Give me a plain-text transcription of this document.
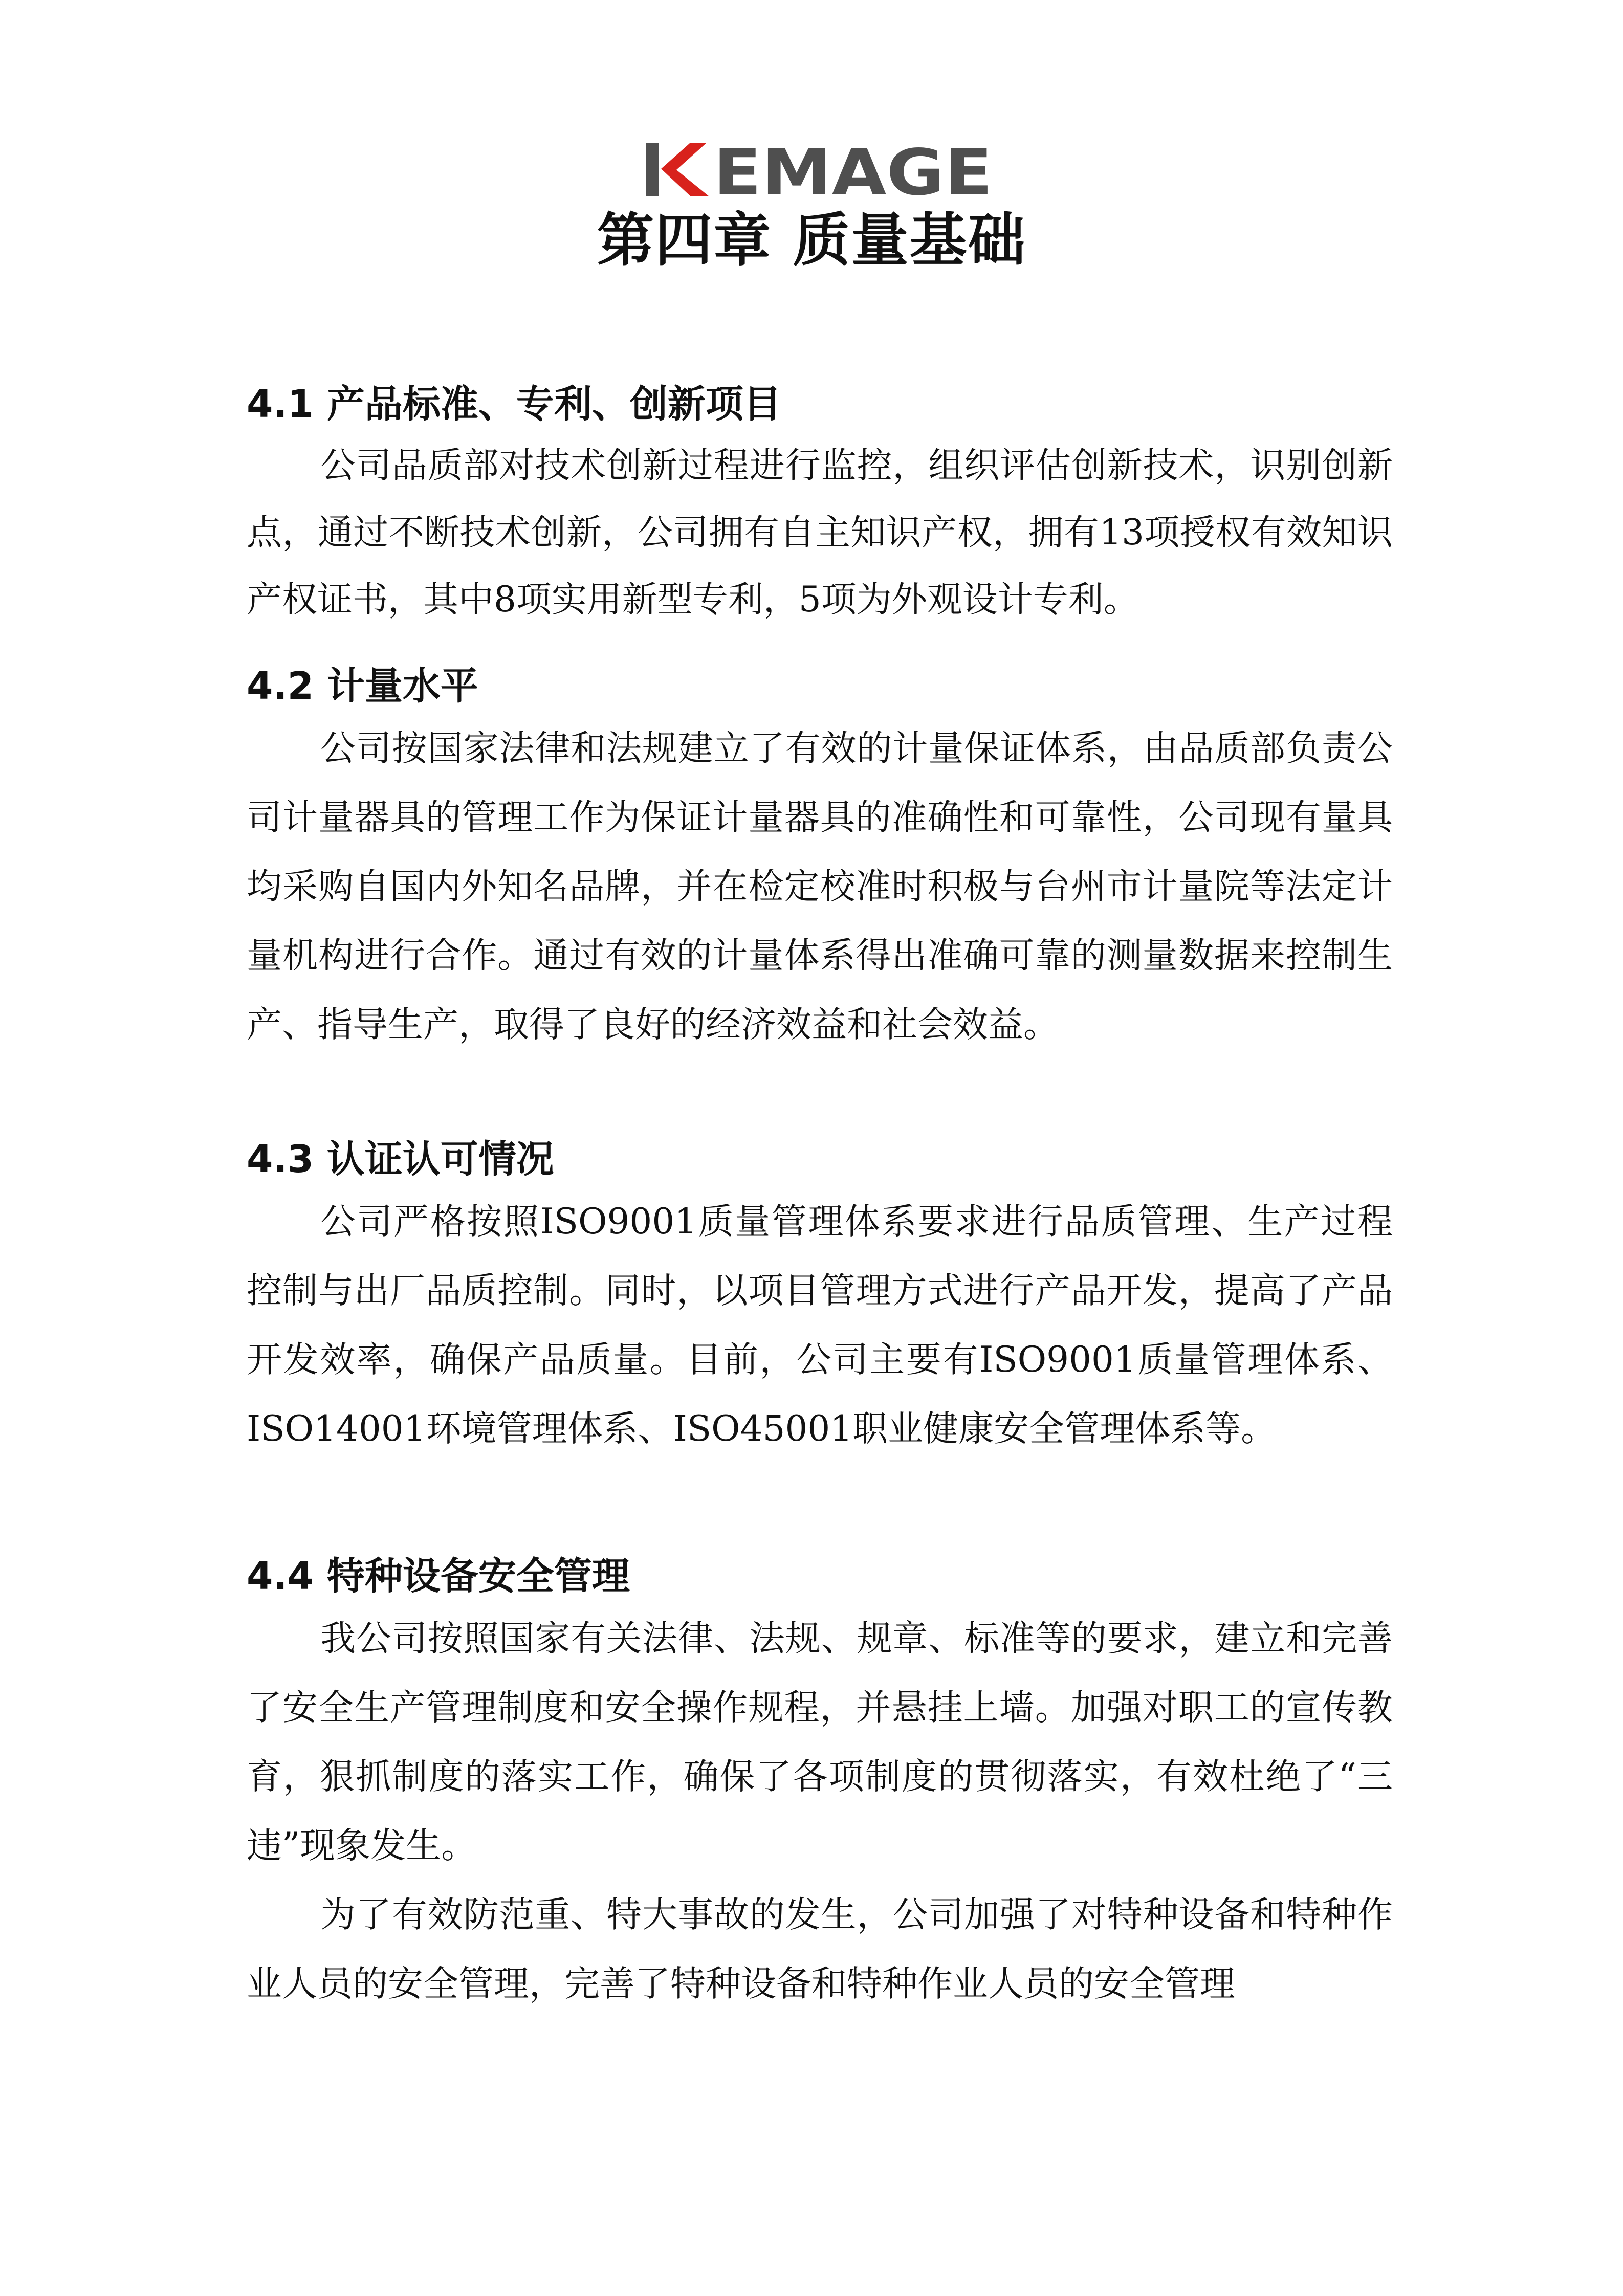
EMAGE
第四章 质量基础
4.1 产品标准、专利、创新项目

公司品质部对技术创新过程进行监控，组织评估创新技术，识别创新点，通过不断技术创新，公司拥有自主知识产权，拥有13项授权有效知识产权证书，其中8项实用新型专利，5项为外观设计专利。

4.2 计量水平

公司按国家法律和法规建立了有效的计量保证体系，由品质部负责公司计量器具的管理工作为保证计量器具的准确性和可靠性，公司现有量具均采购自国内外知名品牌，并在检定校准时积极与台州市计量院等法定计量机构进行合作。通过有效的计量体系得出准确可靠的测量数据来控制生产、指导生产，取得了良好的经济效益和社会效益。

4.3 认证认可情况

公司严格按照ISO9001质量管理体系要求进行品质管理、生产过程控制与出厂品质控制。同时，以项目管理方式进行产品开发，提高了产品开发效率，确保产品质量。目前，公司主要有ISO9001质量管理体系、ISO14001环境管理体系、ISO45001职业健康安全管理体系等。

4.4 特种设备安全管理

我公司按照国家有关法律、法规、规章、标准等的要求，建立和完善了安全生产管理制度和安全操作规程，并悬挂上墙。加强对职工的宣传教育，狠抓制度的落实工作，确保了各项制度的贯彻落实，有效杜绝了“三违”现象发生。

为了有效防范重、特大事故的发生，公司加强了对特种设备和特种作业人员的安全管理，完善了特种设备和特种作业人员的安全管理
